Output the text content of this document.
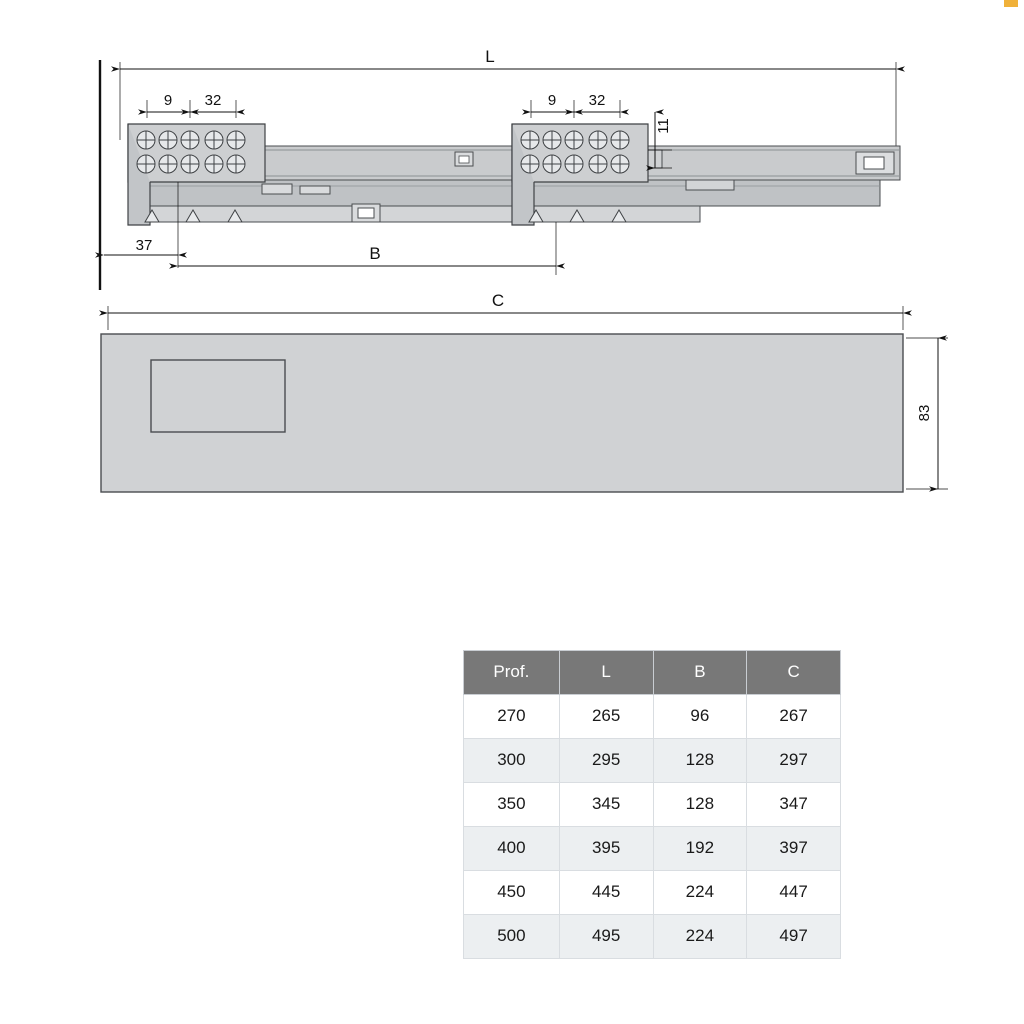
L
9 32	9 32
11
37	B
C
83
Prof.	L	B	C
270	265	96	267
300	295	128	297
350	345	128	347
400	395	192	397
450	445	224	447
500	495	224	497
